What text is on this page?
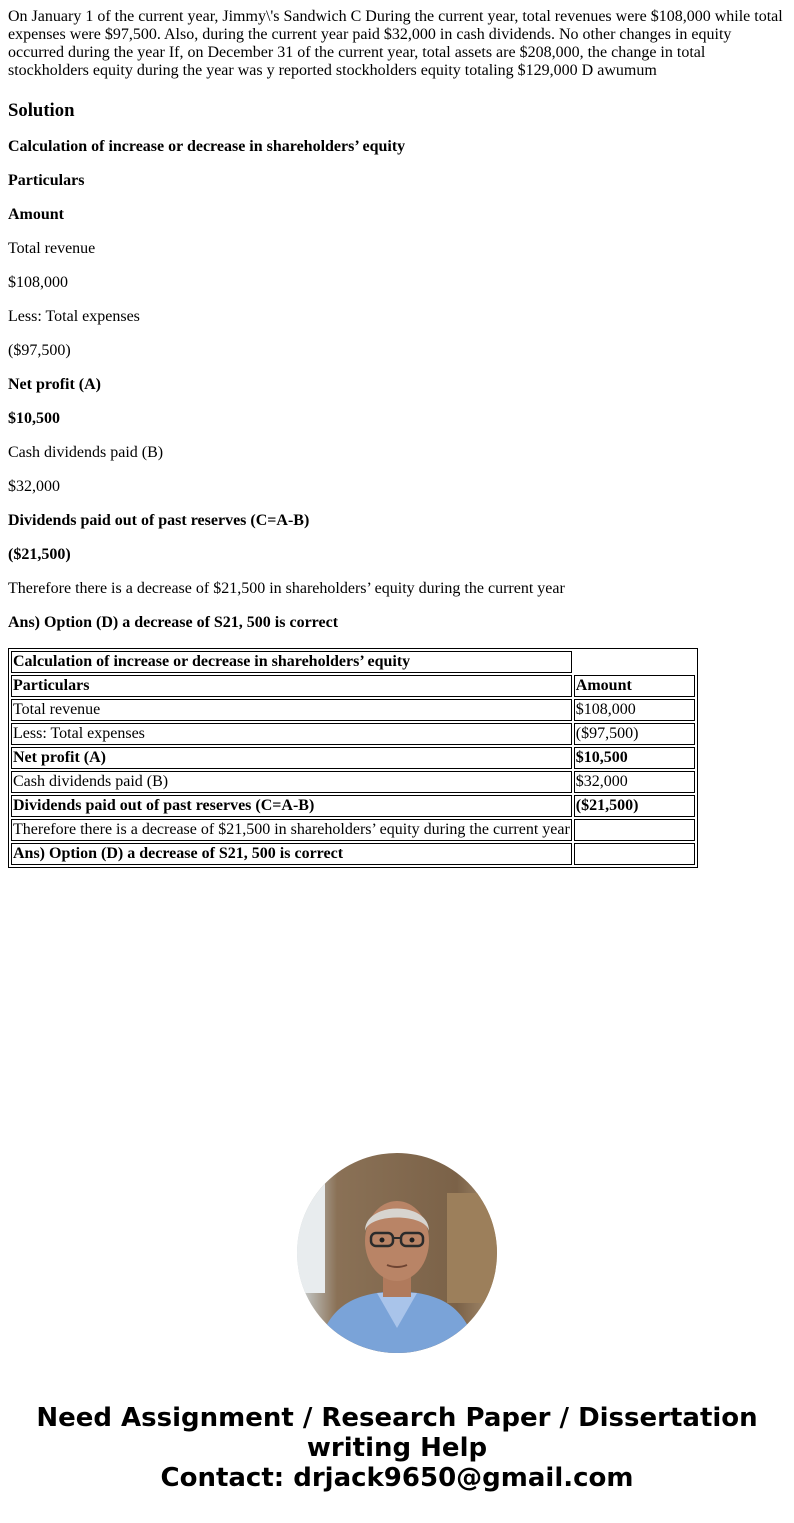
On January 1 of the current year, Jimmy\'s Sandwich C During the current year, total revenues were $108,000 while total expenses were $97,500. Also, during the current year paid $32,000 in cash dividends. No other changes in equity occurred during the year If, on December 31 of the current year, total assets are $208,000, the change in total stockholders equity during the year was y reported stockholders equity totaling $129,000 D awumum

Solution

Calculation of increase or decrease in shareholders’ equity

Particulars

Amount

Total revenue

$108,000

Less: Total expenses

($97,500)

Net profit (A)

$10,500

Cash dividends paid (B)

$32,000

Dividends paid out of past reserves (C=A-B)

($21,500)

Therefore there is a decrease of $21,500 in shareholders’ equity during the current year

Ans) Option (D) a decrease of S21, 500 is correct

Calculation of increase or decrease in shareholders’ equity	
Particulars	Amount
Total revenue	$108,000
Less: Total expenses	($97,500)
Net profit (A)	$10,500
Cash dividends paid (B)	$32,000
Dividends paid out of past reserves (C=A-B)	($21,500)
Therefore there is a decrease of $21,500 in shareholders’ equity during the current year	
Ans) Option (D) a decrease of S21, 500 is correct	
Need Assignment / Research Paper / Dissertation
writing Help
Contact: drjack9650@gmail.com
